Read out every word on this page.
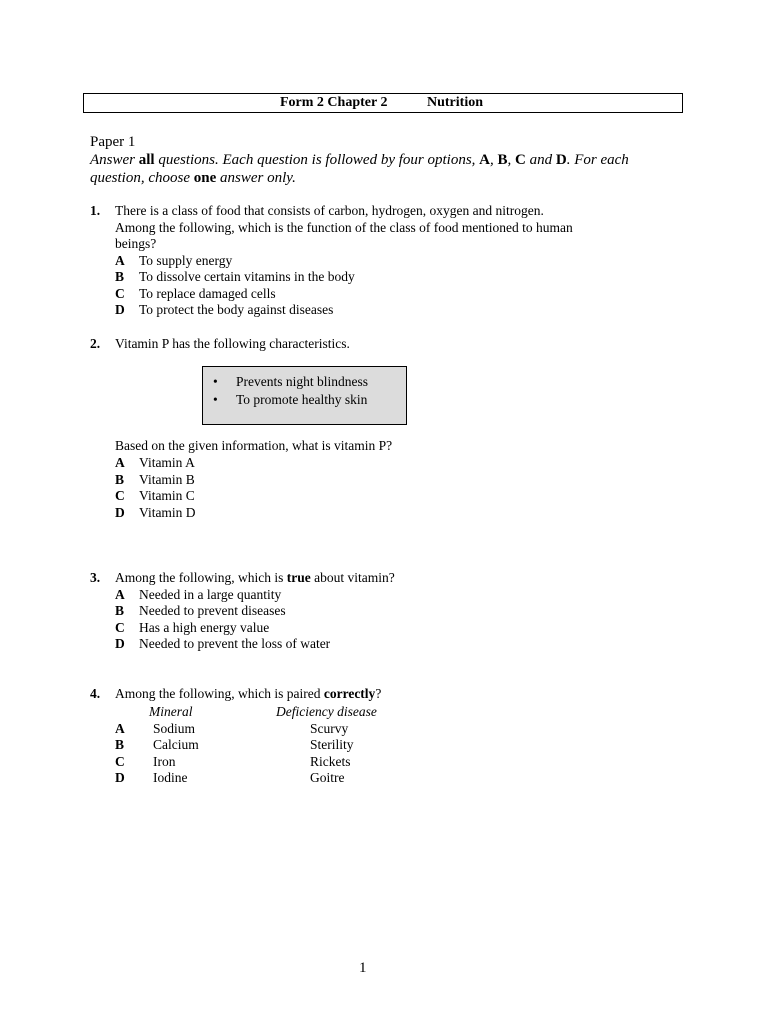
Form 2 Chapter 2	Nutrition
Paper 1
Answer all questions. Each question is followed by four options, A, B, C and D. For each question, choose one answer only.
1. There is a class of food that consists of carbon, hydrogen, oxygen and nitrogen.
Among the following, which is the function of the class of food mentioned to human
beings?
A To supply energy
B To dissolve certain vitamins in the body
C To replace damaged cells
D To protect the body against diseases
2. Vitamin P has the following characteristics.
• Prevents night blindness
• To promote healthy skin
Based on the given information, what is vitamin P?
A Vitamin A
B Vitamin B
C Vitamin C
D Vitamin D
3. Among the following, which is true about vitamin?
A Needed in a large quantity
B Needed to prevent diseases
C Has a high energy value
D Needed to prevent the loss of water
4. Among the following, which is paired correctly?
Mineral	Deficiency disease
A Sodium	Scurvy
B Calcium	Sterility
C Iron	Rickets
D Iodine	Goitre
1
